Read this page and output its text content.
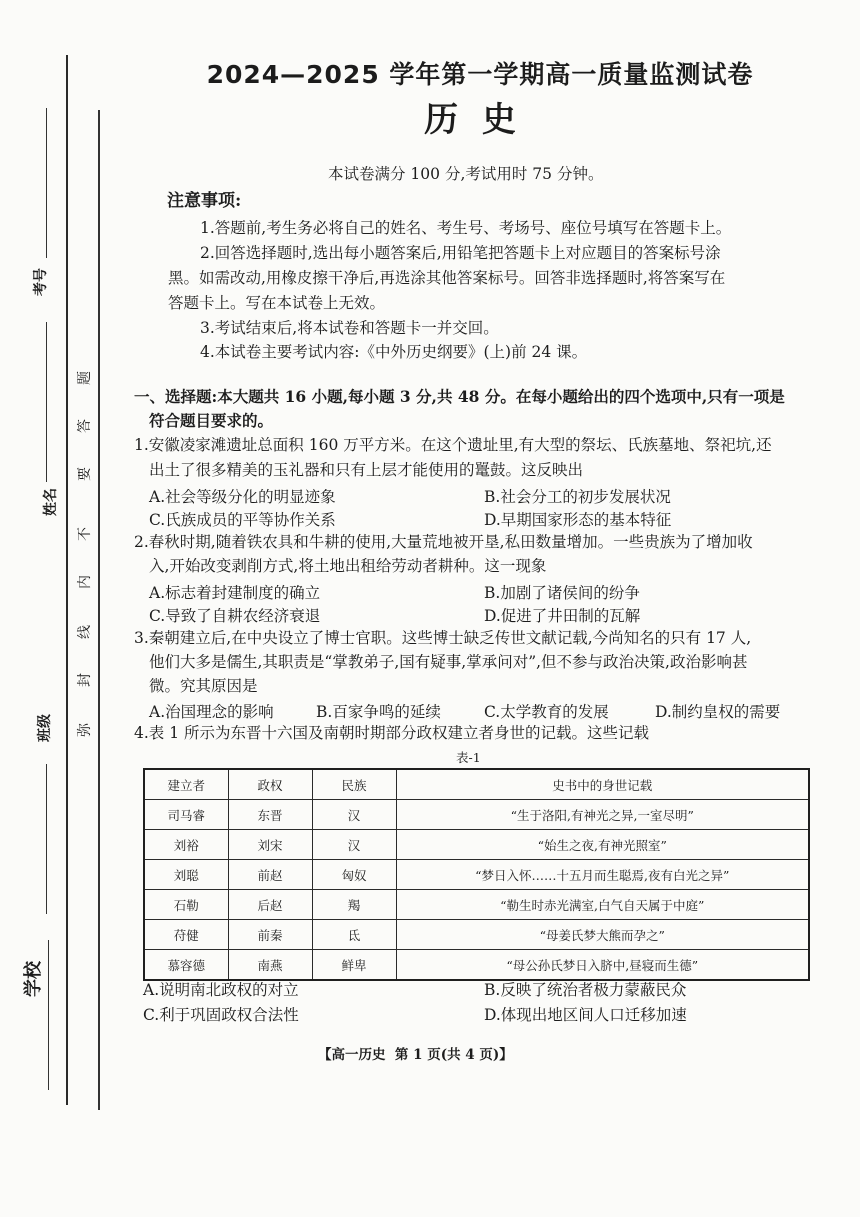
考号
姓名
班级
学校
题
答
要
不
内
线
封
弥
2024—2025 学年第一学期高一质量监测试卷
历  史
本试卷满分 100 分,考试用时 75 分钟。
注意事项:
1.答题前,考生务必将自己的姓名、考生号、考场号、座位号填写在答题卡上。
2.回答选择题时,选出每小题答案后,用铅笔把答题卡上对应题目的答案标号涂
黑。如需改动,用橡皮擦干净后,再选涂其他答案标号。回答非选择题时,将答案写在
答题卡上。写在本试卷上无效。
3.考试结束后,将本试卷和答题卡一并交回。
4.本试卷主要考试内容:《中外历史纲要》(上)前 24 课。
一、选择题:本大题共 16 小题,每小题 3 分,共 48 分。在每小题给出的四个选项中,只有一项是
符合题目要求的。
1.安徽凌家滩遗址总面积 160 万平方米。在这个遗址里,有大型的祭坛、氏族墓地、祭祀坑,还
出土了很多精美的玉礼器和只有上层才能使用的鼍鼓。这反映出
A.社会等级分化的明显迹象	B.社会分工的初步发展状况
C.氏族成员的平等协作关系	D.早期国家形态的基本特征
2.春秋时期,随着铁农具和牛耕的使用,大量荒地被开垦,私田数量增加。一些贵族为了增加收
入,开始改变剥削方式,将土地出租给劳动者耕种。这一现象
A.标志着封建制度的确立	B.加剧了诸侯间的纷争
C.导致了自耕农经济衰退	D.促进了井田制的瓦解
3.秦朝建立后,在中央设立了博士官职。这些博士缺乏传世文献记载,今尚知名的只有 17 人,
他们大多是儒生,其职责是“掌教弟子,国有疑事,掌承问对”,但不参与政治决策,政治影响甚
微。究其原因是
A.治国理念的影响	B.百家争鸣的延续	C.太学教育的发展	D.制约皇权的需要
4.表 1 所示为东晋十六国及南朝时期部分政权建立者身世的记载。这些记载
表-1
建立者	政权	民族	史书中的身世记载
司马睿	东晋	汉	“生于洛阳,有神光之异,一室尽明”
刘裕	刘宋	汉	“始生之夜,有神光照室”
刘聪	前赵	匈奴	“梦日入怀……十五月而生聪焉,夜有白光之异”
石勒	后赵	羯	“勒生时赤光满室,白气自天属于中庭”
苻健	前秦	氐	“母姜氏梦大熊而孕之”
慕容德	南燕	鲜卑	“母公孙氏梦日入脐中,昼寝而生德”
A.说明南北政权的对立	B.反映了统治者极力蒙蔽民众
C.利于巩固政权合法性	D.体现出地区间人口迁移加速
【高一历史  第 1 页(共 4 页)】
